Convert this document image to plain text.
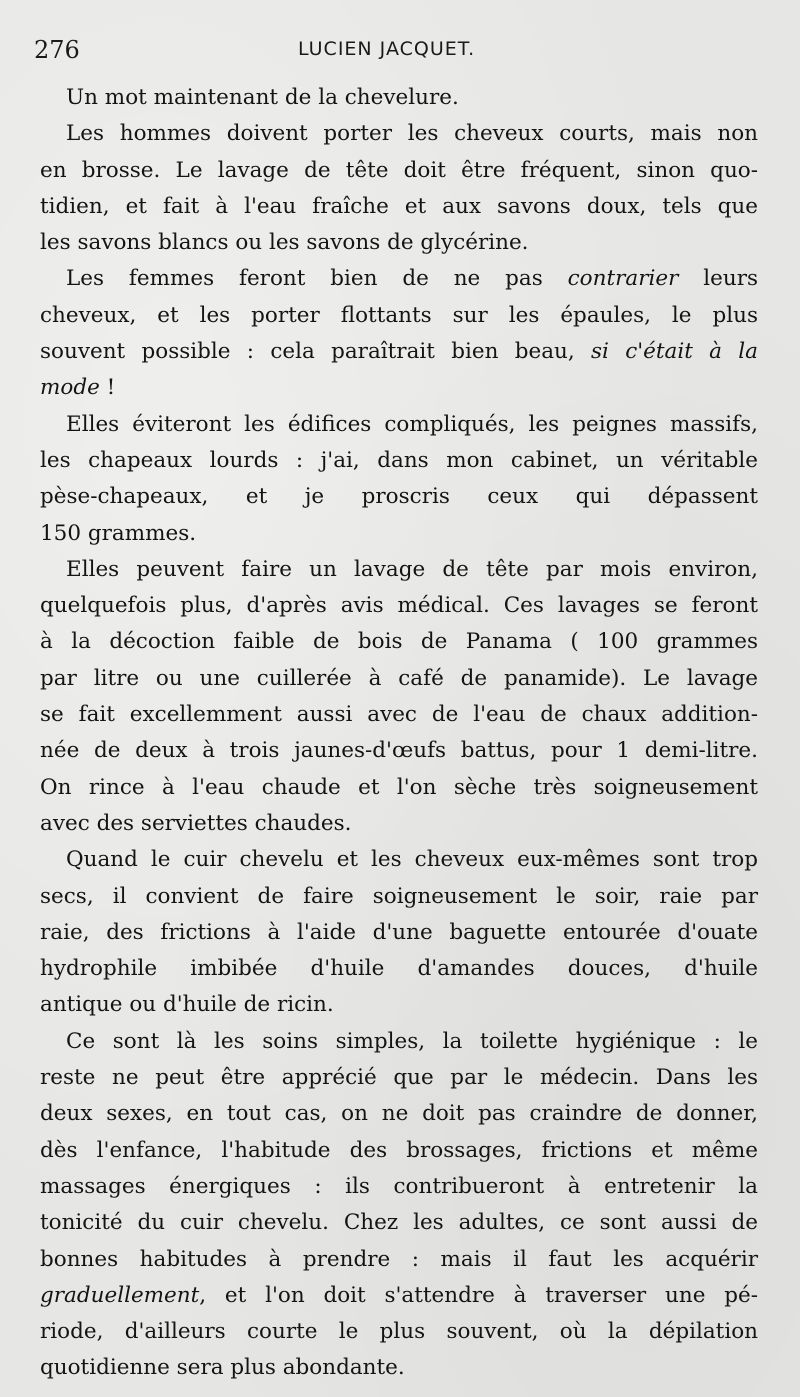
276	LUCIEN JACQUET.
Un mot maintenant de la chevelure.
Les hommes doivent porter les cheveux courts, mais non
en brosse. Le lavage de tête doit être fréquent, sinon quo-
tidien, et fait à l'eau fraîche et aux savons doux, tels que
les savons blancs ou les savons de glycérine.
Les femmes feront bien de ne pas contrarier leurs
cheveux, et les porter flottants sur les épaules, le plus
souvent possible : cela paraîtrait bien beau, si c'était à la
mode !
Elles éviteront les édifices compliqués, les peignes massifs,
les chapeaux lourds : j'ai, dans mon cabinet, un véritable
pèse-chapeaux, et je proscris ceux qui dépassent
150 grammes.
Elles peuvent faire un lavage de tête par mois environ,
quelquefois plus, d'après avis médical. Ces lavages se feront
à la décoction faible de bois de Panama ( 100 grammes
par litre ou une cuillerée à café de panamide). Le lavage
se fait excellemment aussi avec de l'eau de chaux addition-
née de deux à trois jaunes-d'œufs battus, pour 1 demi-litre.
On rince à l'eau chaude et l'on sèche très soigneusement
avec des serviettes chaudes.
Quand le cuir chevelu et les cheveux eux-mêmes sont trop
secs, il convient de faire soigneusement le soir, raie par
raie, des frictions à l'aide d'une baguette entourée d'ouate
hydrophile imbibée d'huile d'amandes douces, d'huile
antique ou d'huile de ricin.
Ce sont là les soins simples, la toilette hygiénique : le
reste ne peut être apprécié que par le médecin. Dans les
deux sexes, en tout cas, on ne doit pas craindre de donner,
dès l'enfance, l'habitude des brossages, frictions et même
massages énergiques : ils contribueront à entretenir la
tonicité du cuir chevelu. Chez les adultes, ce sont aussi de
bonnes habitudes à prendre : mais il faut les acquérir
graduellement, et l'on doit s'attendre à traverser une pé-
riode, d'ailleurs courte le plus souvent, où la dépilation
quotidienne sera plus abondante.
